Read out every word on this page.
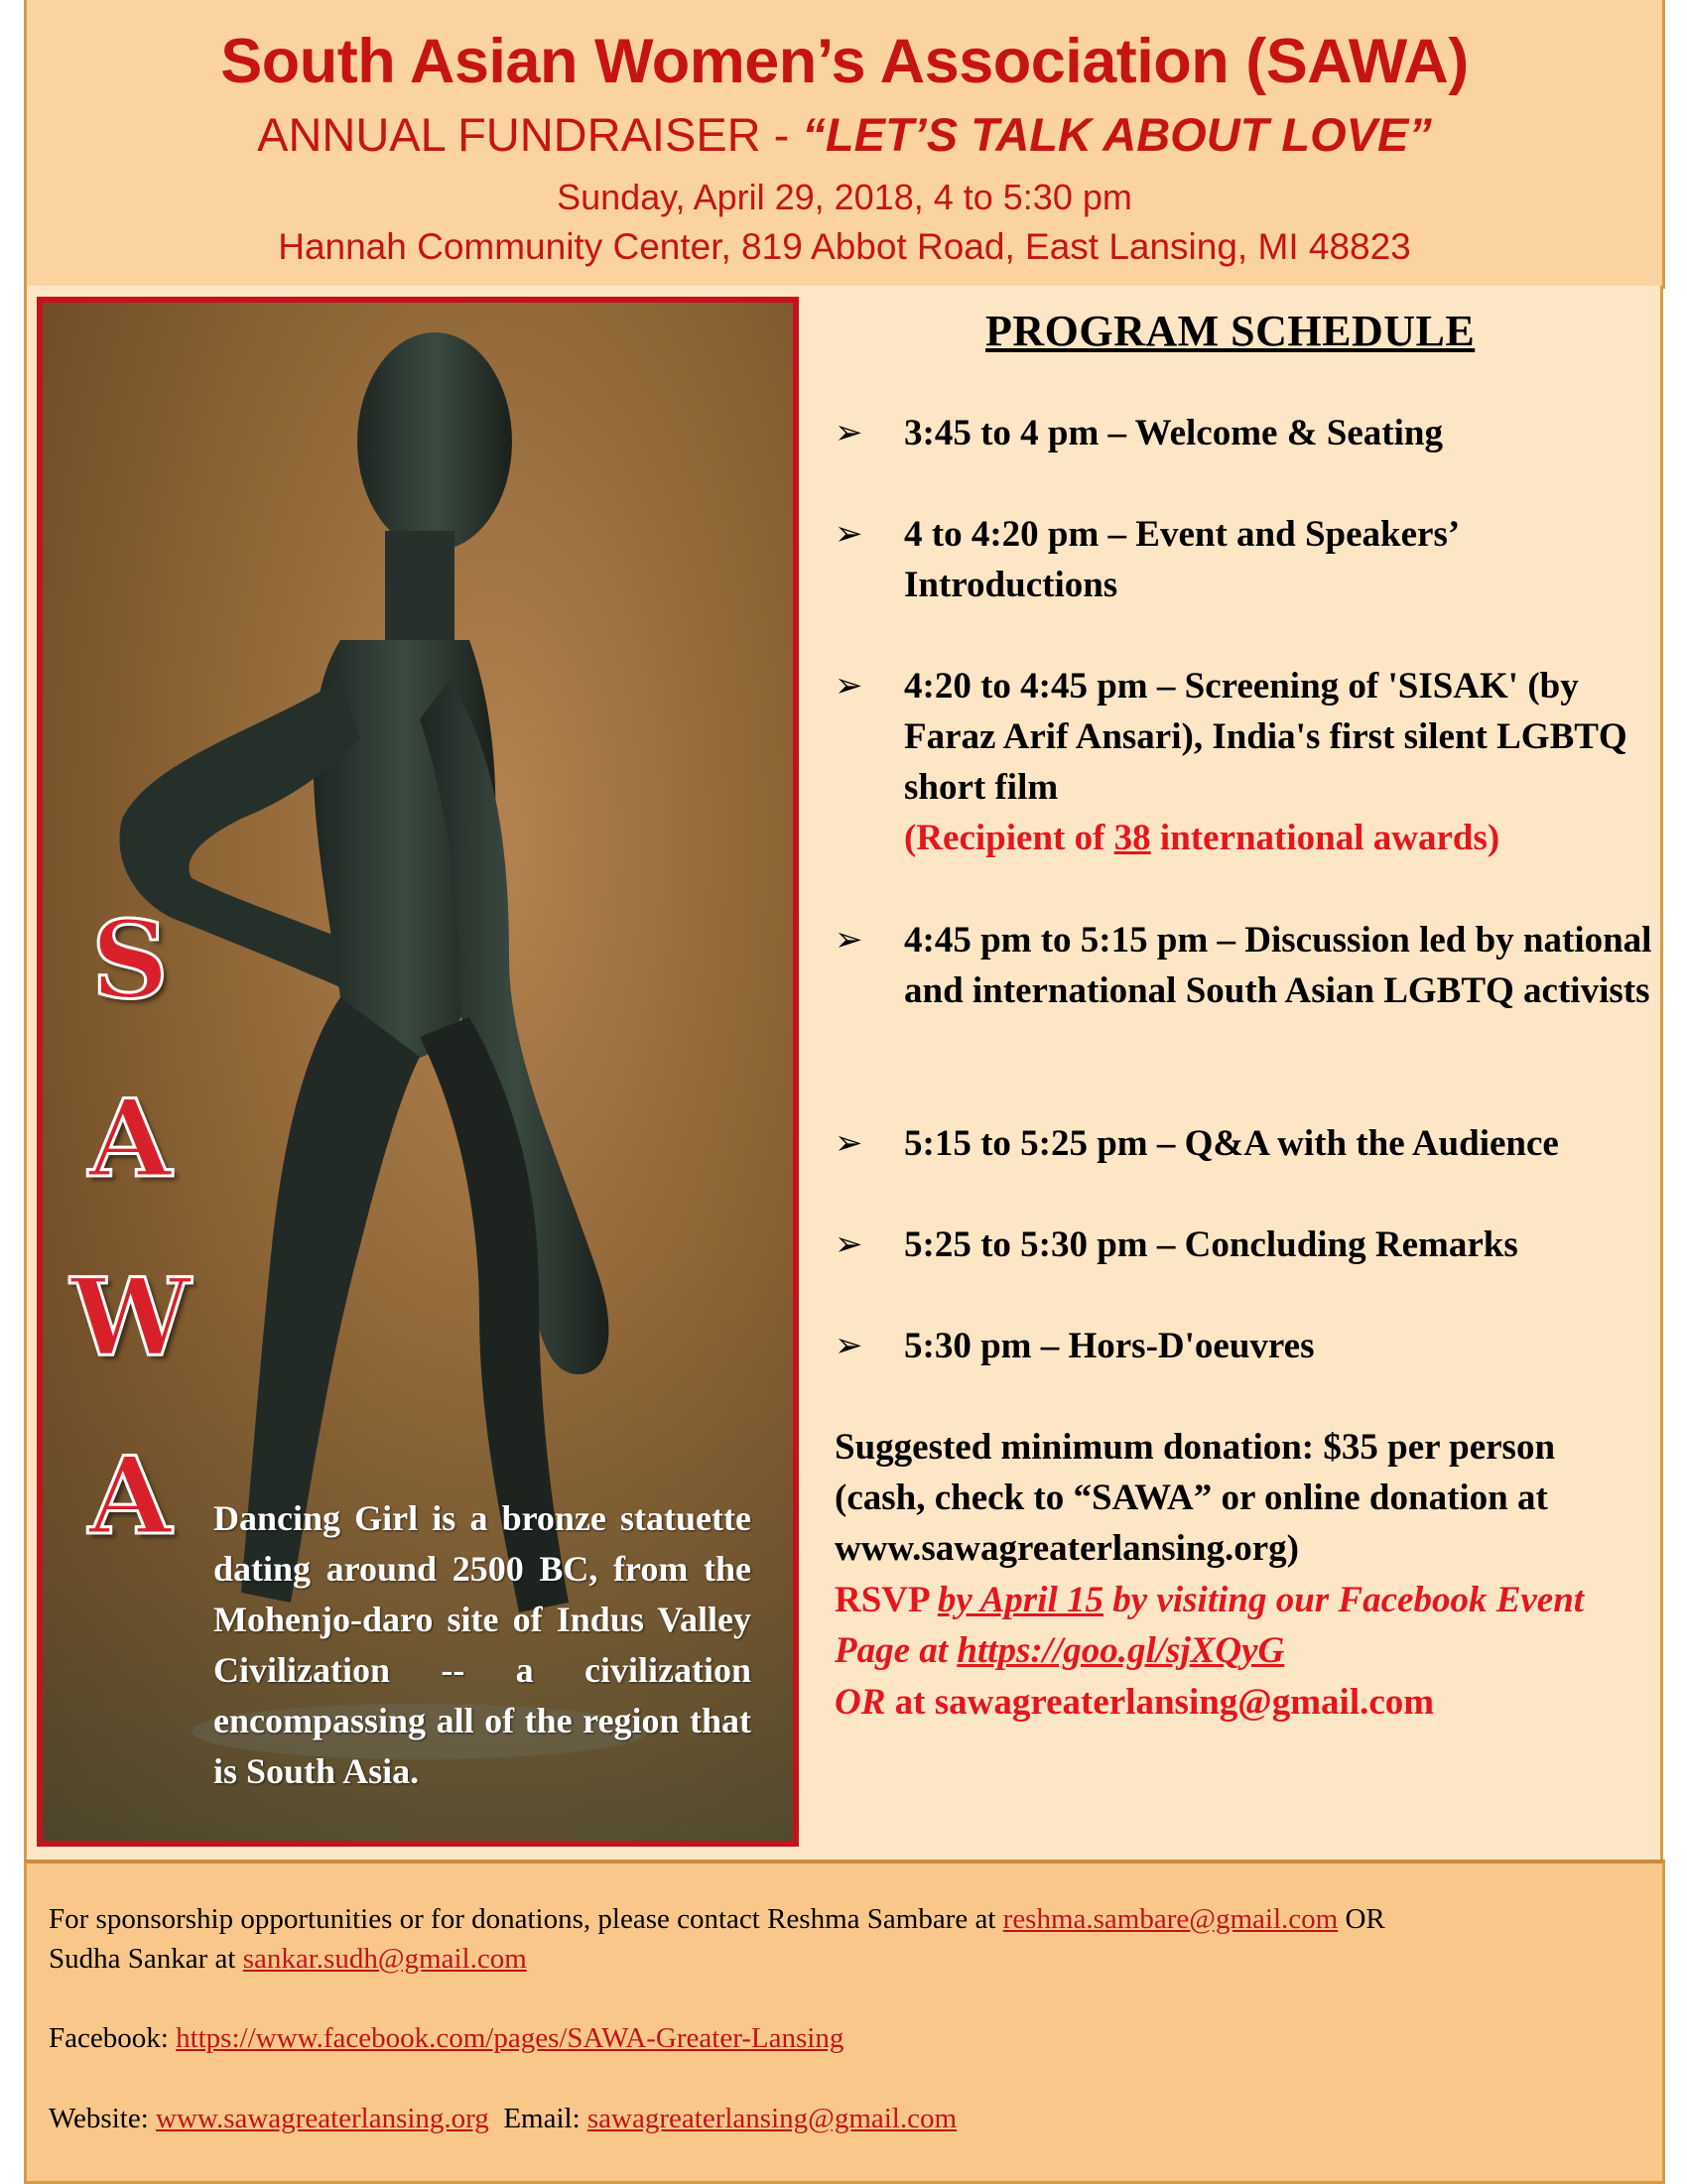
South Asian Women’s Association (SAWA)
ANNUAL FUNDRAISER - “LET’S TALK ABOUT LOVE”
Sunday, April 29, 2018, 4 to 5:30 pm
Hannah Community Center, 819 Abbot Road, East Lansing, MI 48823
S
A
W
A	Dancing Girl is a bronze statuette dating around 2500 BC, from the Mohenjo-daro site of Indus Valley Civilization -- a civilization encompassing all of the region that is South Asia.
PROGRAM SCHEDULE
➢ 3:45 to 4 pm – Welcome & Seating
➢ 4 to 4:20 pm – Event and Speakers’ Introductions
➢ 4:20 to 4:45 pm – Screening of 'SISAK' (by Faraz Arif Ansari), India's first silent LGBTQ short film
(Recipient of 38 international awards)
➢ 4:45 pm to 5:15 pm – Discussion led by national and international South Asian LGBTQ activists
➢ 5:15 to 5:25 pm – Q&A with the Audience
➢ 5:25 to 5:30 pm – Concluding Remarks
➢ 5:30 pm – Hors-D'oeuvres
Suggested minimum donation: $35 per person (cash, check to “SAWA” or online donation at www.sawagreaterlansing.org)
RSVP by April 15 by visiting our Facebook Event Page at https://goo.gl/sjXQyG
OR at sawagreaterlansing@gmail.com
For sponsorship opportunities or for donations, please contact Reshma Sambare at reshma.sambare@gmail.com OR
Sudha Sankar at sankar.sudh@gmail.com
Facebook: https://www.facebook.com/pages/SAWA-Greater-Lansing
Website: www.sawagreaterlansing.org Email: sawagreaterlansing@gmail.com
